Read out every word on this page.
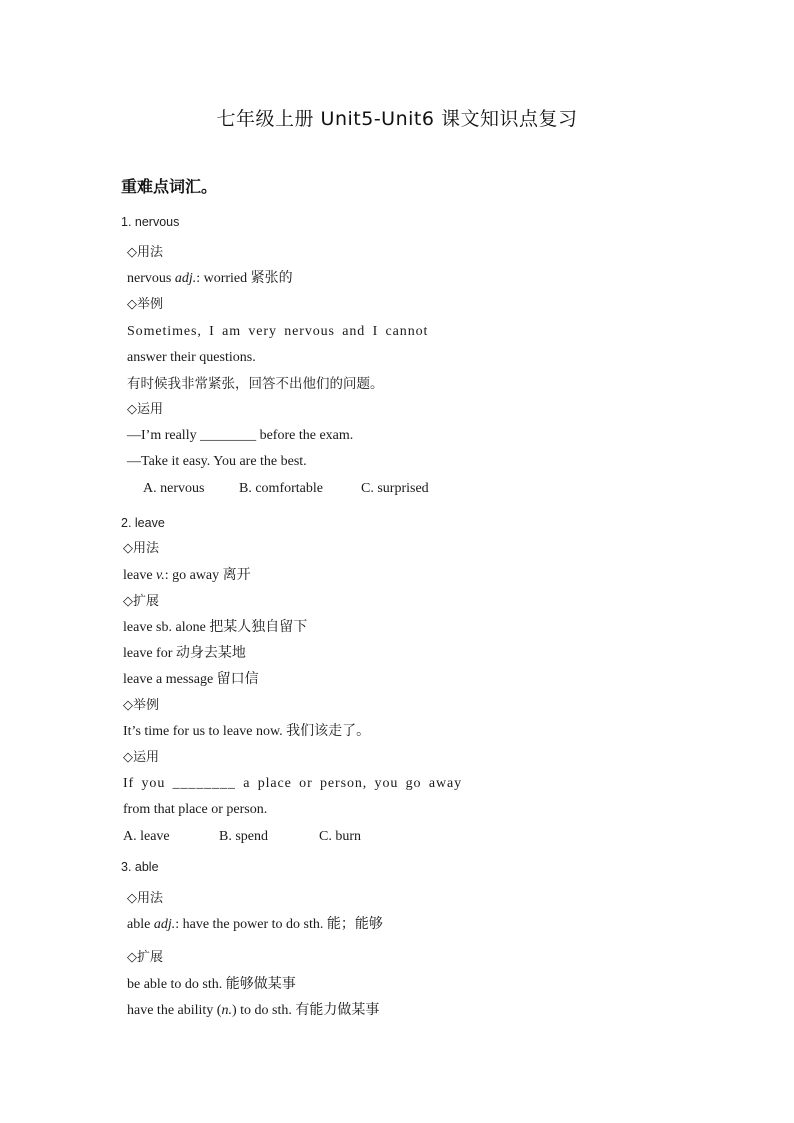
七年级上册 Unit5-Unit6 课文知识点复习
重难点词汇。
1. nervous
◇用法
nervous adj.: worried 紧张的
◇举例
Sometimes, I am very nervous and I cannot
answer their questions.
有时候我非常紧张，回答不出他们的问题。
◇运用
—I’m really ________ before the exam.
—Take it easy. You are the best.
A. nervous B. comfortable	C. surprised
2. leave
◇用法
leave v.: go away 离开
◇扩展
leave sb. alone 把某人独自留下
leave for 动身去某地
leave a message 留口信
◇举例
It’s time for us to leave now. 我们该走了。
◇运用
If you ________ a place or person, you go away
from that place or person.
A. leave	B. spend	C. burn
3. able
◇用法
able adj.: have the power to do sth. 能；能够
◇扩展
be able to do sth. 能够做某事
have the ability (n.) to do sth. 有能力做某事
